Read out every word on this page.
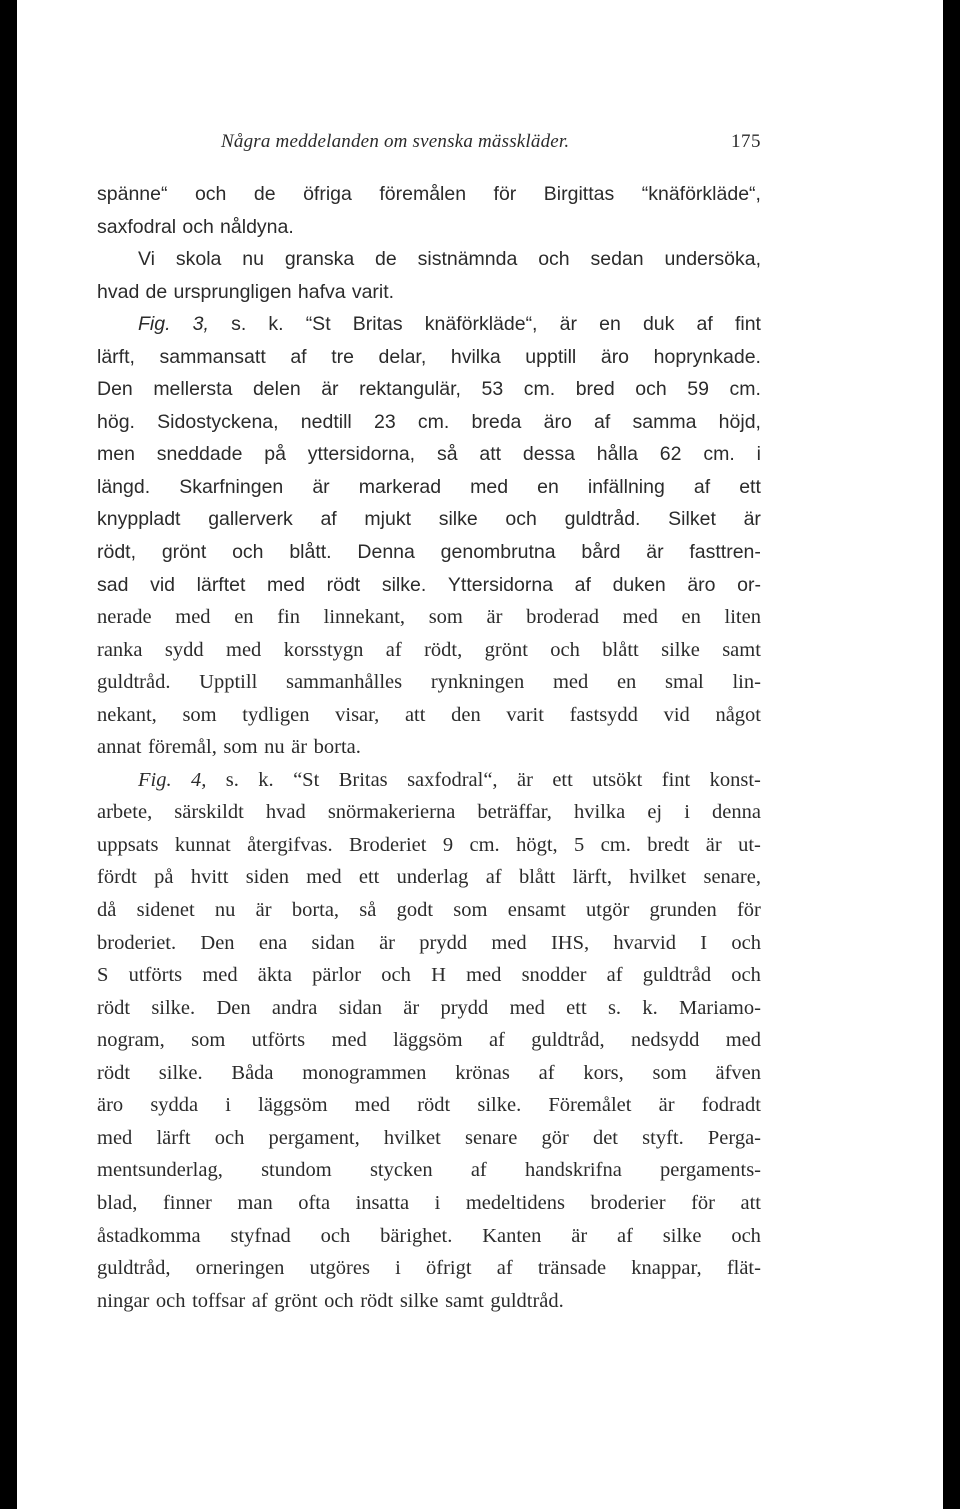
Några meddelanden om svenska mässkläder.	175
spänne“ och de öfriga föremålen för Birgittas “knäförkläde“,
saxfodral och nåldyna.
Vi skola nu granska de sistnämnda och sedan undersöka,
hvad de ursprungligen hafva varit.
Fig. 3, s. k. “St Britas knäförkläde“, är en duk af fint
lärft, sammansatt af tre delar, hvilka upptill äro hoprynkade.
Den mellersta delen är rektangulär, 53 cm. bred och 59 cm.
hög. Sidostyckena, nedtill 23 cm. breda äro af samma höjd,
men sneddade på yttersidorna, så att dessa hålla 62 cm. i
längd. Skarfningen är markerad med en infällning af ett
knyppladt gallerverk af mjukt silke och guldtråd. Silket är
rödt, grönt och blått. Denna genombrutna bård är fasttren-
sad vid lärftet med rödt silke. Yttersidorna af duken äro or-
nerade med en fin linnekant, som är broderad med en liten
ranka sydd med korsstygn af rödt, grönt och blått silke samt
guldtråd. Upptill sammanhålles rynkningen med en smal lin-
nekant, som tydligen visar, att den varit fastsydd vid något
annat föremål, som nu är borta.
Fig. 4, s. k. “St Britas saxfodral“, är ett utsökt fint konst-
arbete, särskildt hvad snörmakerierna beträffar, hvilka ej i denna
uppsats kunnat återgifvas. Broderiet 9 cm. högt, 5 cm. bredt är ut-
fördt på hvitt siden med ett underlag af blått lärft, hvilket senare,
då sidenet nu är borta, så godt som ensamt utgör grunden för
broderiet. Den ena sidan är prydd med IHS, hvarvid I och
S utförts med äkta pärlor och H med snodder af guldtråd och
rödt silke. Den andra sidan är prydd med ett s. k. Mariamo-
nogram, som utförts med läggsöm af guldtråd, nedsydd med
rödt silke. Båda monogrammen krönas af kors, som äfven
äro sydda i läggsöm med rödt silke. Föremålet är fodradt
med lärft och pergament, hvilket senare gör det styft. Perga-
mentsunderlag, stundom stycken af handskrifna pergaments-
blad, finner man ofta insatta i medeltidens broderier för att
åstadkomma styfnad och bärighet. Kanten är af silke och
guldtråd, orneringen utgöres i öfrigt af tränsade knappar, flät-
ningar och toffsar af grönt och rödt silke samt guldtråd.
